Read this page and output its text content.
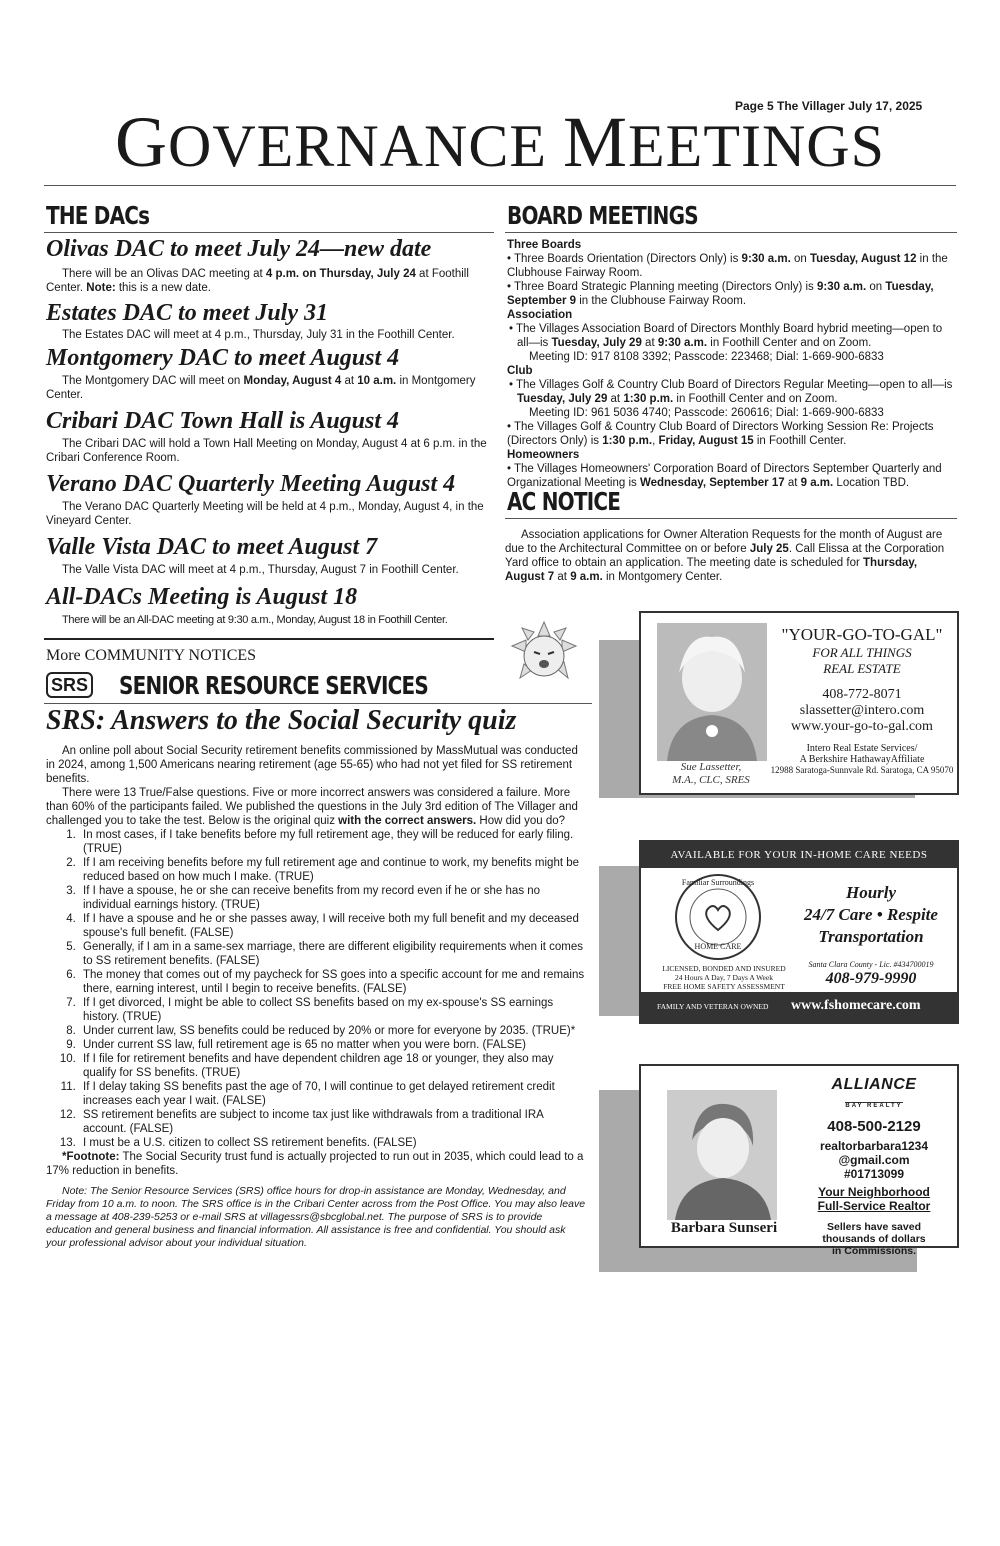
Page 5 The Villager July 17, 2025
GOVERNANCE MEETINGS
THE DACs
Olivas DAC to meet July 24—new date

There will be an Olivas DAC meeting at 4 p.m. on Thursday, July 24 at Foothill Center. Note: this is a new date.

Estates DAC to meet July 31

The Estates DAC will meet at 4 p.m., Thursday, July 31 in the Foothill Center.

Montgomery DAC to meet August 4

The Montgomery DAC will meet on Monday, August 4 at 10 a.m. in Montgomery Center.

Cribari DAC Town Hall is August 4

The Cribari DAC will hold a Town Hall Meeting on Monday, August 4 at 6 p.m. in the Cribari Conference Room.

Verano DAC Quarterly Meeting August 4

The Verano DAC Quarterly Meeting will be held at 4 p.m., Monday, August 4, in the Vineyard Center.

Valle Vista DAC to meet August 7

The Valle Vista DAC will meet at 4 p.m., Thursday, August 7 in Foothill Center.

All-DACs Meeting is August 18

There will be an All-DAC meeting at 9:30 a.m., Monday, August 18 in Foothill Center.

BOARD MEETINGS
Three Boards

• Three Boards Orientation (Directors Only) is 9:30 a.m. on Tuesday, August 12 in the Clubhouse Fairway Room.

• Three Board Strategic Planning meeting (Directors Only) is 9:30 a.m. on Tuesday, September 9 in the Clubhouse Fairway Room.

Association

• The Villages Association Board of Directors Monthly Board hybrid meeting—open to all—is Tuesday, July 29 at 9:30 a.m. in Foothill Center and on Zoom.

Meeting ID: 917 8108 3392; Passcode: 223468; Dial: 1-669-900-6833

Club

• The Villages Golf & Country Club Board of Directors Regular Meeting—open to all—is Tuesday, July 29 at 1:30 p.m. in Foothill Center and on Zoom.

Meeting ID: 961 5036 4740; Passcode: 260616; Dial: 1-669-900-6833

• The Villages Golf & Country Club Board of Directors Working Session Re: Projects (Directors Only) is 1:30 p.m., Friday, August 15 in Foothill Center.

Homeowners

• The Villages Homeowners' Corporation Board of Directors September Quarterly and Organizational Meeting is Wednesday, September 17 at 9 a.m. Location TBD.

AC NOTICE

Association applications for Owner Alteration Requests for the month of August are due to the Architectural Committee on or before July 25. Call Elissa at the Corporation Yard office to obtain an application. The meeting date is scheduled for Thursday, August 7 at 9 a.m. in Montgomery Center.

More COMMUNITY NOTICES
SRS SENIOR RESOURCE SERVICES
SRS: Answers to the Social Security quiz

An online poll about Social Security retirement benefits commissioned by MassMutual was conducted in 2024, among 1,500 Americans nearing retirement (age 55-65) who had not yet filed for SS retirement benefits.

There were 13 True/False questions. Five or more incorrect answers was considered a failure. More than 60% of the participants failed. We published the questions in the July 3rd edition of The Villager and challenged you to take the test. Below is the original quiz with the correct answers. How did you do?

1. In most cases, if I take benefits before my full retirement age, they will be reduced for early filing. (TRUE)
2. If I am receiving benefits before my full retirement age and continue to work, my benefits might be reduced based on how much I make. (TRUE)
3. If I have a spouse, he or she can receive benefits from my record even if he or she has no individual earnings history. (TRUE)
4. If I have a spouse and he or she passes away, I will receive both my full benefit and my deceased spouse's full benefit. (FALSE)
5. Generally, if I am in a same-sex marriage, there are different eligibility requirements when it comes to SS retirement benefits. (FALSE)
6. The money that comes out of my paycheck for SS goes into a specific account for me and remains there, earning interest, until I begin to receive benefits. (FALSE)
7. If I get divorced, I might be able to collect SS benefits based on my ex-spouse's SS earnings history. (TRUE)
8. Under current law, SS benefits could be reduced by 20% or more for everyone by 2035. (TRUE)*
9. Under current SS law, full retirement age is 65 no matter when you were born. (FALSE)
10. If I file for retirement benefits and have dependent children age 18 or younger, they also may qualify for SS benefits. (TRUE)
11. If I delay taking SS benefits past the age of 70, I will continue to get delayed retirement credit increases each year I wait. (FALSE)
12. SS retirement benefits are subject to income tax just like withdrawals from a traditional IRA account. (FALSE)
13. I must be a U.S. citizen to collect SS retirement benefits. (FALSE)

*Footnote: The Social Security trust fund is actually projected to run out in 2035, which could lead to a 17% reduction in benefits.

Note: The Senior Resource Services (SRS) office hours for drop-in assistance are Monday, Wednesday, and Friday from 10 a.m. to noon. The SRS office is in the Cribari Center across from the Post Office. You may also leave a message at 408-239-5253 or e-mail SRS at villagessrs@sbcglobal.net. The purpose of SRS is to provide education and general business and financial information. All assistance is free and confidential. You should ask your professional advisor about your individual situation.

Sue Lassetter,
M.A., CLC, SRES
"YOUR-GO-TO-GAL"
FOR ALL THINGS
REAL ESTATE
408-772-8071
slassetter@intero.com
www.your-go-to-gal.com
Intero Real Estate Services/
A Berkshire HathawayAffiliate
12988 Saratoga-Sunnvale Rd. Saratoga, CA 95070
AVAILABLE FOR YOUR IN-HOME CARE NEEDS
Familiar Surroundings
HOME CARE
LICENSED, BONDED AND INSURED
24 Hours A Day, 7 Days A Week
FREE HOME SAFETY ASSESSMENT
Hourly
24/7 Care • Respite
Transportation
Santa Clara County - Lic. #434700019
408-979-9990
FAMILY AND VETERAN OWNED www.fshomecare.com
Barbara Sunseri
ALLIANCE
BAY REALTY
408-500-2129
realtorbarbara1234
@gmail.com
#01713099
Your Neighborhood
Full-Service Realtor
Sellers have saved thousands of dollars in Commissions.
